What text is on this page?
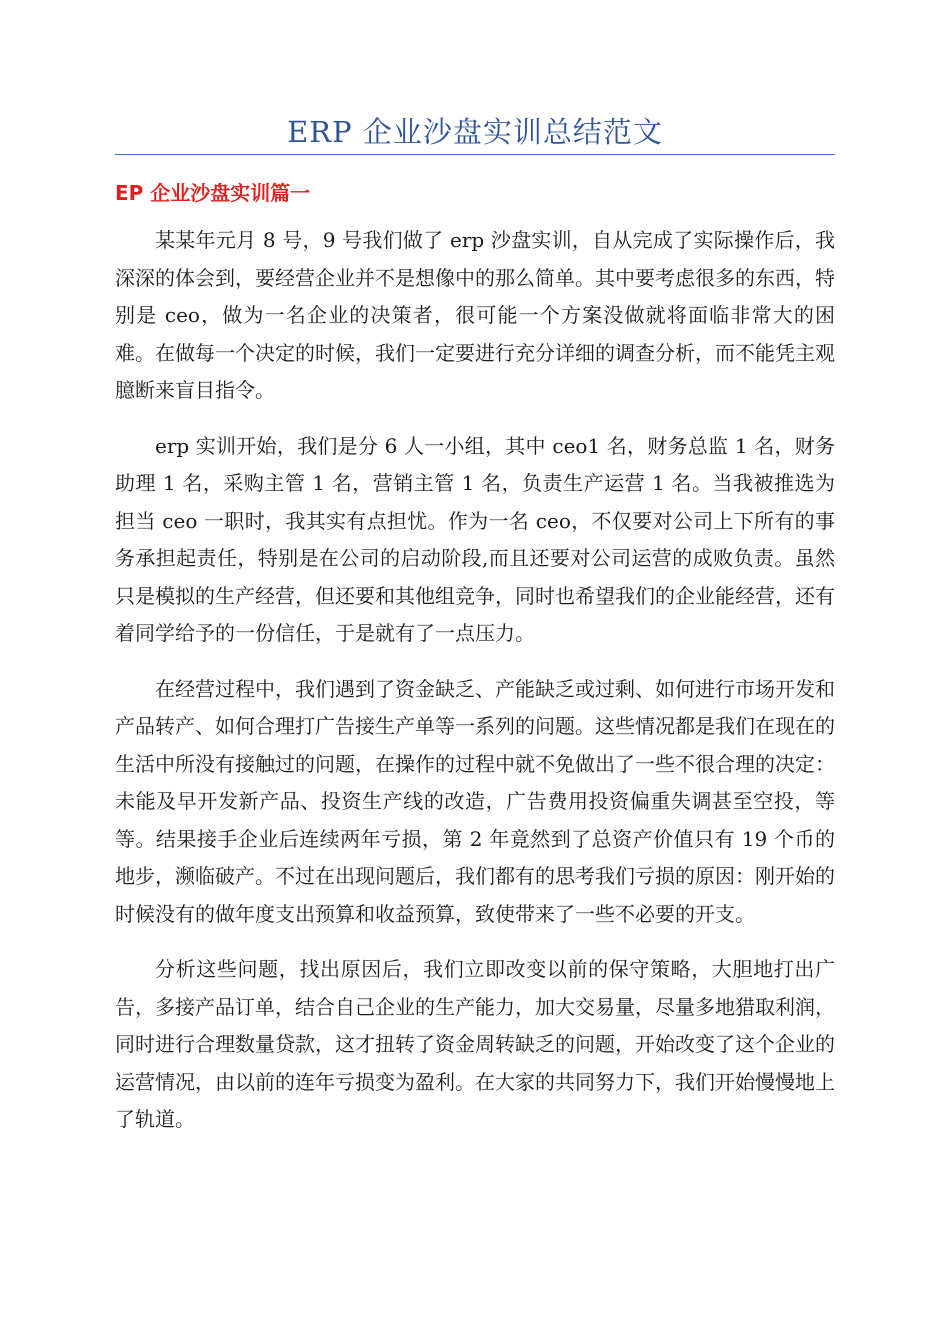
ERP 企业沙盘实训总结范文
EP 企业沙盘实训篇一

某某年元月 8 号，9 号我们做了 erp 沙盘实训，自从完成了实际操作后，我深深的体会到，要经营企业并不是想像中的那么简单。其中要考虑很多的东西，特别是 ceo，做为一名企业的决策者，很可能一个方案没做就将面临非常大的困难。在做每一个决定的时候，我们一定要进行充分详细的调查分析，而不能凭主观臆断来盲目指令。

erp 实训开始，我们是分 6 人一小组，其中 ceo1 名，财务总监 1 名，财务助理 1 名，采购主管 1 名，营销主管 1 名，负责生产运营 1 名。当我被推选为担当 ceo 一职时，我其实有点担忧。作为一名 ceo，不仅要对公司上下所有的事务承担起责任，特别是在公司的启动阶段,而且还要对公司运营的成败负责。虽然只是模拟的生产经营，但还要和其他组竞争，同时也希望我们的企业能经营，还有着同学给予的一份信任，于是就有了一点压力。

在经营过程中，我们遇到了资金缺乏、产能缺乏或过剩、如何进行市场开发和产品转产、如何合理打广告接生产单等一系列的问题。这些情况都是我们在现在的生活中所没有接触过的问题，在操作的过程中就不免做出了一些不很合理的决定：未能及早开发新产品、投资生产线的改造，广告费用投资偏重失调甚至空投，等等。结果接手企业后连续两年亏损，第 2 年竟然到了总资产价值只有 19 个币的地步，濒临破产。不过在出现问题后，我们都有的思考我们亏损的原因：刚开始的时候没有的做年度支出预算和收益预算，致使带来了一些不必要的开支。

分析这些问题，找出原因后，我们立即改变以前的保守策略，大胆地打出广告，多接产品订单，结合自己企业的生产能力，加大交易量，尽量多地猎取利润，同时进行合理数量贷款，这才扭转了资金周转缺乏的问题，开始改变了这个企业的运营情况，由以前的连年亏损变为盈利。在大家的共同努力下，我们开始慢慢地上了轨道。
